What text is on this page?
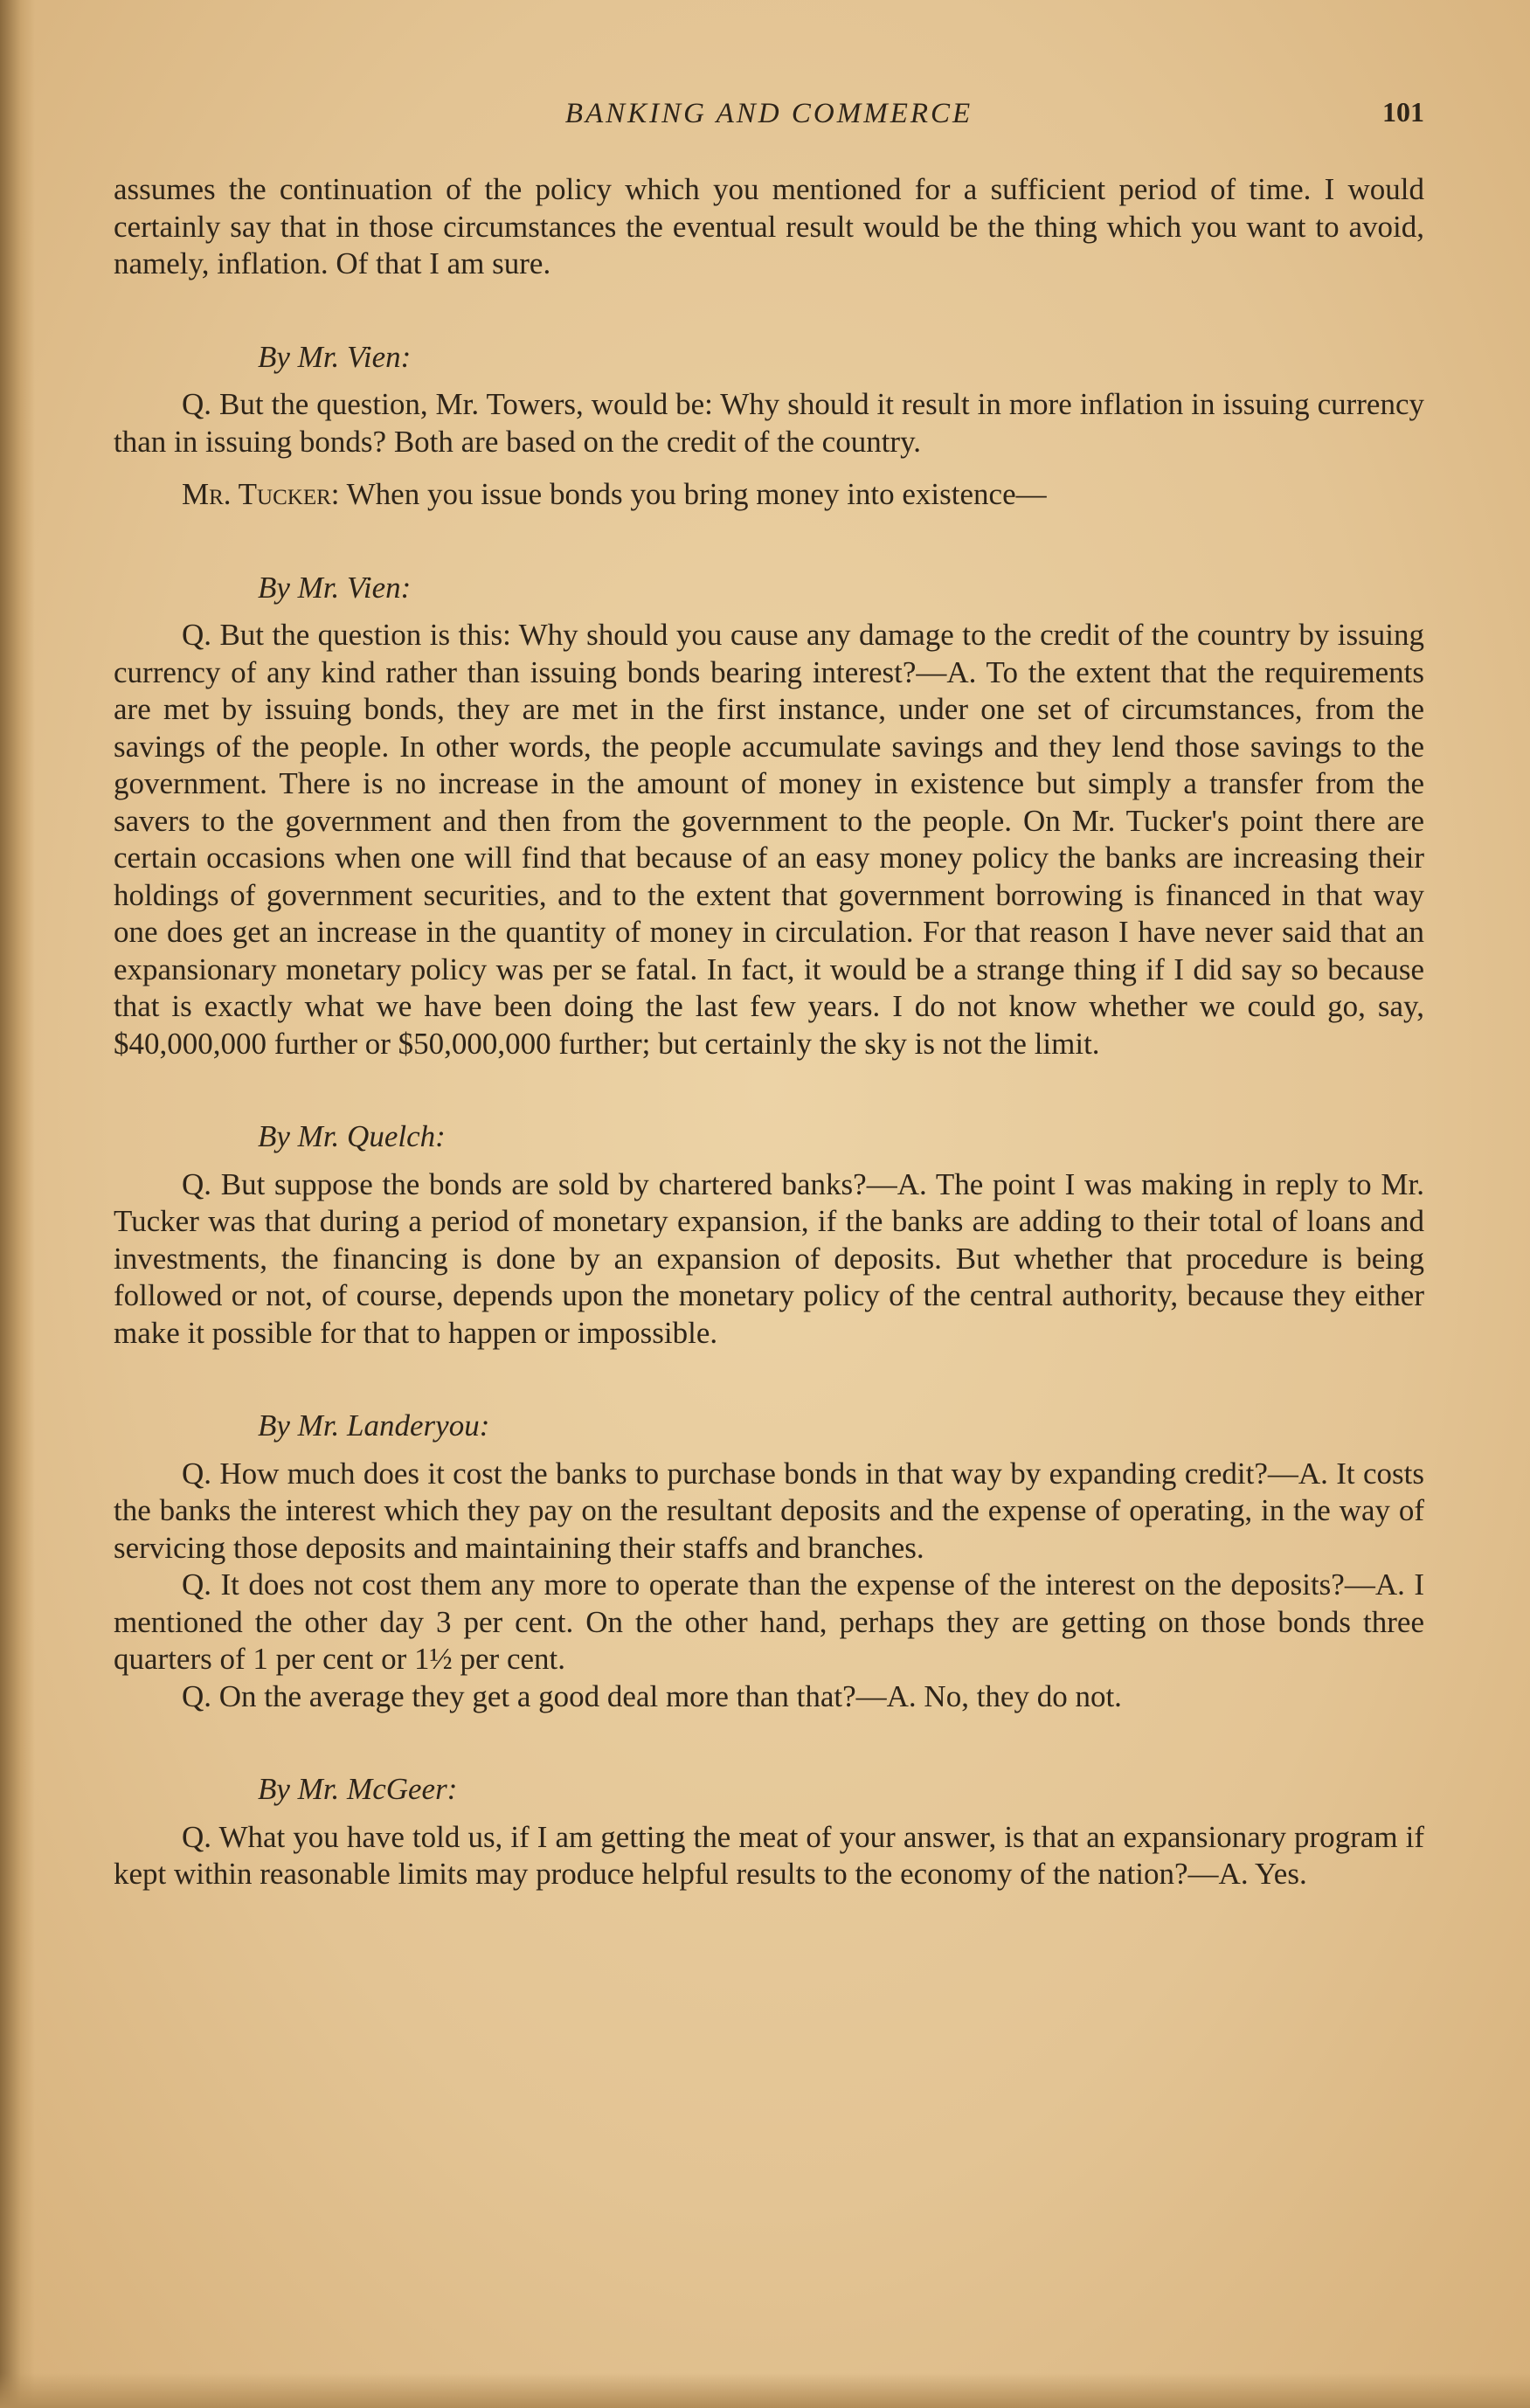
BANKING AND COMMERCE	101

assumes the continuation of the policy which you mentioned for a sufficient period of time. I would certainly say that in those circumstances the eventual result would be the thing which you want to avoid, namely, inflation. Of that I am sure.

By Mr. Vien:

Q. But the question, Mr. Towers, would be: Why should it result in more inflation in issuing currency than in issuing bonds? Both are based on the credit of the country.

Mr. Tucker: When you issue bonds you bring money into existence—

By Mr. Vien:

Q. But the question is this: Why should you cause any damage to the credit of the country by issuing currency of any kind rather than issuing bonds bearing interest?—A. To the extent that the requirements are met by issuing bonds, they are met in the first instance, under one set of circumstances, from the savings of the people. In other words, the people accumulate savings and they lend those savings to the government. There is no increase in the amount of money in existence but simply a transfer from the savers to the government and then from the government to the people. On Mr. Tucker's point there are certain occasions when one will find that because of an easy money policy the banks are increasing their holdings of government securities, and to the extent that government borrowing is financed in that way one does get an increase in the quantity of money in circulation. For that reason I have never said that an expansionary monetary policy was per se fatal. In fact, it would be a strange thing if I did say so because that is exactly what we have been doing the last few years. I do not know whether we could go, say, $40,000,000 further or $50,000,000 further; but certainly the sky is not the limit.

By Mr. Quelch:

Q. But suppose the bonds are sold by chartered banks?—A. The point I was making in reply to Mr. Tucker was that during a period of monetary expansion, if the banks are adding to their total of loans and investments, the financing is done by an expansion of deposits. But whether that procedure is being followed or not, of course, depends upon the monetary policy of the central authority, because they either make it possible for that to happen or impossible.

By Mr. Landeryou:

Q. How much does it cost the banks to purchase bonds in that way by expanding credit?—A. It costs the banks the interest which they pay on the resultant deposits and the expense of operating, in the way of servicing those deposits and maintaining their staffs and branches.

Q. It does not cost them any more to operate than the expense of the interest on the deposits?—A. I mentioned the other day 3 per cent. On the other hand, perhaps they are getting on those bonds three quarters of 1 per cent or 1½ per cent.

Q. On the average they get a good deal more than that?—A. No, they do not.

By Mr. McGeer:

Q. What you have told us, if I am getting the meat of your answer, is that an expansionary program if kept within reasonable limits may produce helpful results to the economy of the nation?—A. Yes.
